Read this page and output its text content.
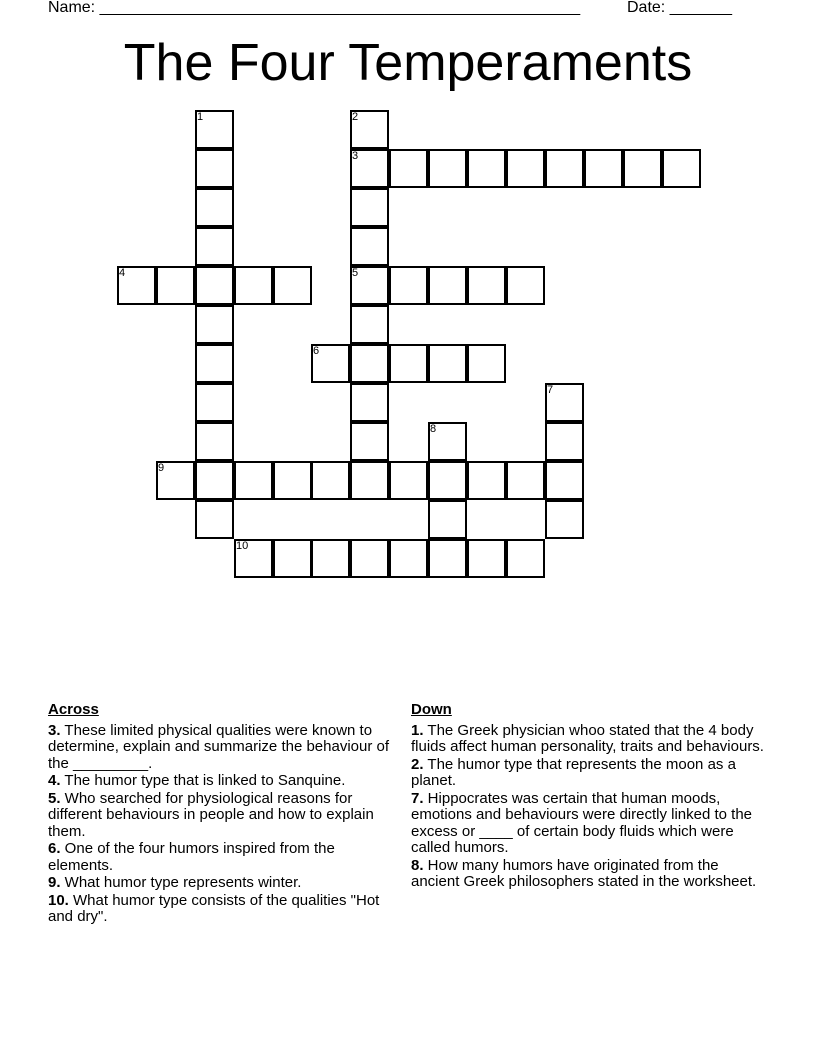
Name: ______________________________________________________	Date: _______
The Four Temperaments
1	2
3
4	5
6
7
8
9
10
Across
3. These limited physical qualities were known to determine, explain and summarize the behaviour of the _________.
4. The humor type that is linked to Sanquine.
5. Who searched for physiological reasons for different behaviours in people and how to explain them.
6. One of the four humors inspired from the elements.
9. What humor type represents winter.
10. What humor type consists of the qualities "Hot and dry".
Down
1. The Greek physician whoo stated that the 4 body fluids affect human personality, traits and behaviours.
2. The humor type that represents the moon as a planet.
7. Hippocrates was certain that human moods, emotions and behaviours were directly linked to the excess or ____ of certain body fluids which were called humors.
8. How many humors have originated from the ancient Greek philosophers stated in the worksheet.
